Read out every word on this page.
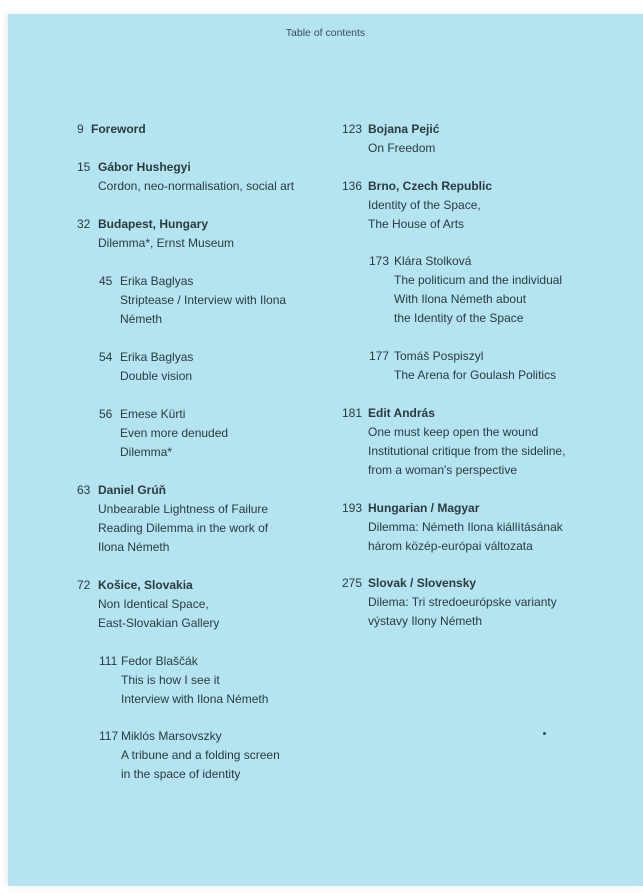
Table of contents
9 Foreword
15 Gábor Hushegyi
Cordon, neo-normalisation, social art
32 Budapest, Hungary
Dilemma*, Ernst Museum
45 Erika Baglyas
Striptease / Interview with Ilona
Németh
54 Erika Baglyas
Double vision
56 Emese Kürti
Even more denuded
Dilemma*
63 Daniel Grúň
Unbearable Lightness of Failure
Reading Dilemma in the work of
Ilona Németh
72 Košice, Slovakia
Non Identical Space,
East-Slovakian Gallery
111 Fedor Blaščák
This is how I see it
Interview with Ilona Németh
117 Miklós Marsovszky
A tribune and a folding screen
in the space of identity
123 Bojana Pejić
On Freedom
136 Brno, Czech Republic
Identity of the Space,
The House of Arts
173 Klára Stolková
The politicum and the individual
With Ilona Németh about
the Identity of the Space
177 Tomáš Pospiszyl
The Arena for Goulash Politics
181 Edit András
One must keep open the wound
Institutional critique from the sideline,
from a woman's perspective
193 Hungarian / Magyar
Dilemma: Németh Ilona kiállításának
három közép-európai változata
275 Slovak / Slovensky
Dilema: Tri stredoeurópske varianty
výstavy Ilony Németh
